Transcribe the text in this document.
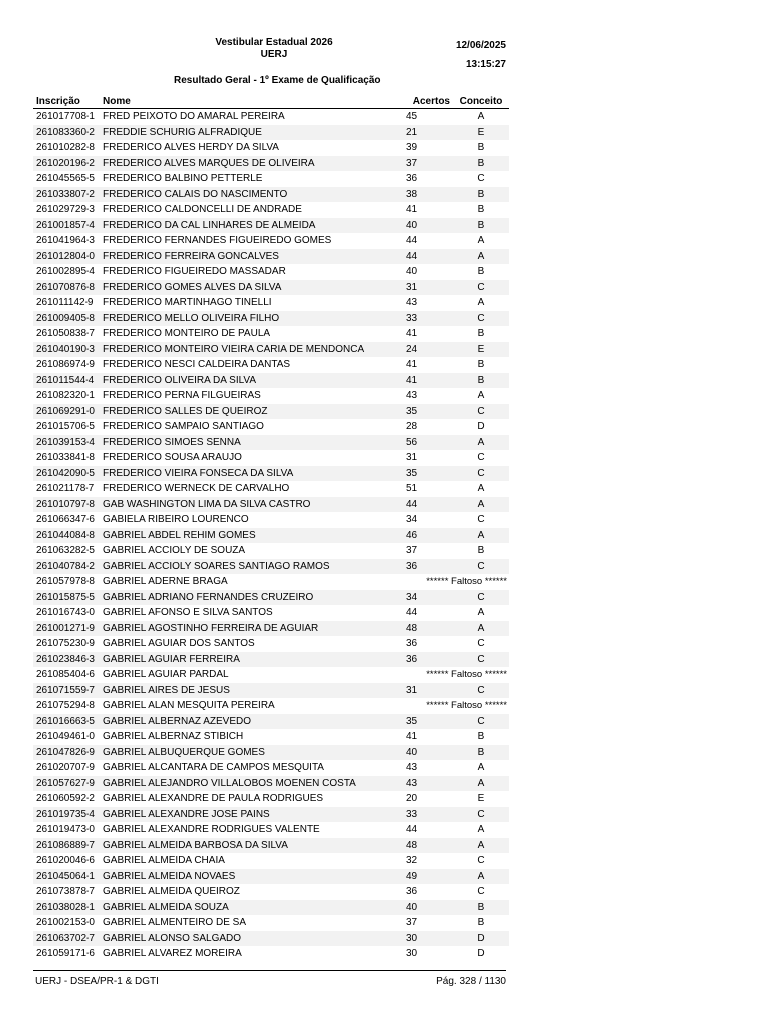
Vestibular Estadual 2026
UERJ
12/06/2025
13:15:27
Resultado Geral - 1º Exame de Qualificação
Inscrição	Nome	Acertos	Conceito
261017708-1	FRED PEIXOTO DO AMARAL PEREIRA	45	A
261083360-2	FREDDIE SCHURIG ALFRADIQUE	21	E
261010282-8	FREDERICO ALVES HERDY DA SILVA	39	B
261020196-2	FREDERICO ALVES MARQUES DE OLIVEIRA	37	B
261045565-5	FREDERICO BALBINO PETTERLE	36	C
261033807-2	FREDERICO CALAIS DO NASCIMENTO	38	B
261029729-3	FREDERICO CALDONCELLI DE ANDRADE	41	B
261001857-4	FREDERICO DA CAL LINHARES DE ALMEIDA	40	B
261041964-3	FREDERICO FERNANDES FIGUEIREDO GOMES	44	A
261012804-0	FREDERICO FERREIRA GONCALVES	44	A
261002895-4	FREDERICO FIGUEIREDO MASSADAR	40	B
261070876-8	FREDERICO GOMES ALVES DA SILVA	31	C
261011142-9	FREDERICO MARTINHAGO TINELLI	43	A
261009405-8	FREDERICO MELLO OLIVEIRA FILHO	33	C
261050838-7	FREDERICO MONTEIRO DE PAULA	41	B
261040190-3	FREDERICO MONTEIRO VIEIRA CARIA DE MENDONCA	24	E
261086974-9	FREDERICO NESCI CALDEIRA DANTAS	41	B
261011544-4	FREDERICO OLIVEIRA DA SILVA	41	B
261082320-1	FREDERICO PERNA FILGUEIRAS	43	A
261069291-0	FREDERICO SALLES DE QUEIROZ	35	C
261015706-5	FREDERICO SAMPAIO SANTIAGO	28	D
261039153-4	FREDERICO SIMOES SENNA	56	A
261033841-8	FREDERICO SOUSA ARAUJO	31	C
261042090-5	FREDERICO VIEIRA FONSECA DA SILVA	35	C
261021178-7	FREDERICO WERNECK DE CARVALHO	51	A
261010797-8	GAB WASHINGTON LIMA DA SILVA CASTRO	44	A
261066347-6	GABIELA RIBEIRO LOURENCO	34	C
261044084-8	GABRIEL ABDEL REHIM GOMES	46	A
261063282-5	GABRIEL ACCIOLY DE SOUZA	37	B
261040784-2	GABRIEL ACCIOLY SOARES SANTIAGO RAMOS	36	C
261057978-8	GABRIEL ADERNE BRAGA	****** Faltoso ******	
261015875-5	GABRIEL ADRIANO FERNANDES CRUZEIRO	34	C
261016743-0	GABRIEL AFONSO E SILVA SANTOS	44	A
261001271-9	GABRIEL AGOSTINHO FERREIRA DE AGUIAR	48	A
261075230-9	GABRIEL AGUIAR DOS SANTOS	36	C
261023846-3	GABRIEL AGUIAR FERREIRA	36	C
261085404-6	GABRIEL AGUIAR PARDAL	****** Faltoso ******	
261071559-7	GABRIEL AIRES DE JESUS	31	C
261075294-8	GABRIEL ALAN MESQUITA PEREIRA	****** Faltoso ******	
261016663-5	GABRIEL ALBERNAZ AZEVEDO	35	C
261049461-0	GABRIEL ALBERNAZ STIBICH	41	B
261047826-9	GABRIEL ALBUQUERQUE GOMES	40	B
261020707-9	GABRIEL ALCANTARA DE CAMPOS MESQUITA	43	A
261057627-9	GABRIEL ALEJANDRO VILLALOBOS MOENEN COSTA	43	A
261060592-2	GABRIEL ALEXANDRE DE PAULA RODRIGUES	20	E
261019735-4	GABRIEL ALEXANDRE JOSE PAINS	33	C
261019473-0	GABRIEL ALEXANDRE RODRIGUES VALENTE	44	A
261086889-7	GABRIEL ALMEIDA BARBOSA DA SILVA	48	A
261020046-6	GABRIEL ALMEIDA CHAIA	32	C
261045064-1	GABRIEL ALMEIDA NOVAES	49	A
261073878-7	GABRIEL ALMEIDA QUEIROZ	36	C
261038028-1	GABRIEL ALMEIDA SOUZA	40	B
261002153-0	GABRIEL ALMENTEIRO DE SA	37	B
261063702-7	GABRIEL ALONSO SALGADO	30	D
261059171-6	GABRIEL ALVAREZ MOREIRA	30	D
UERJ - DSEA/PR-1 & DGTI	Pág. 328 / 1130
